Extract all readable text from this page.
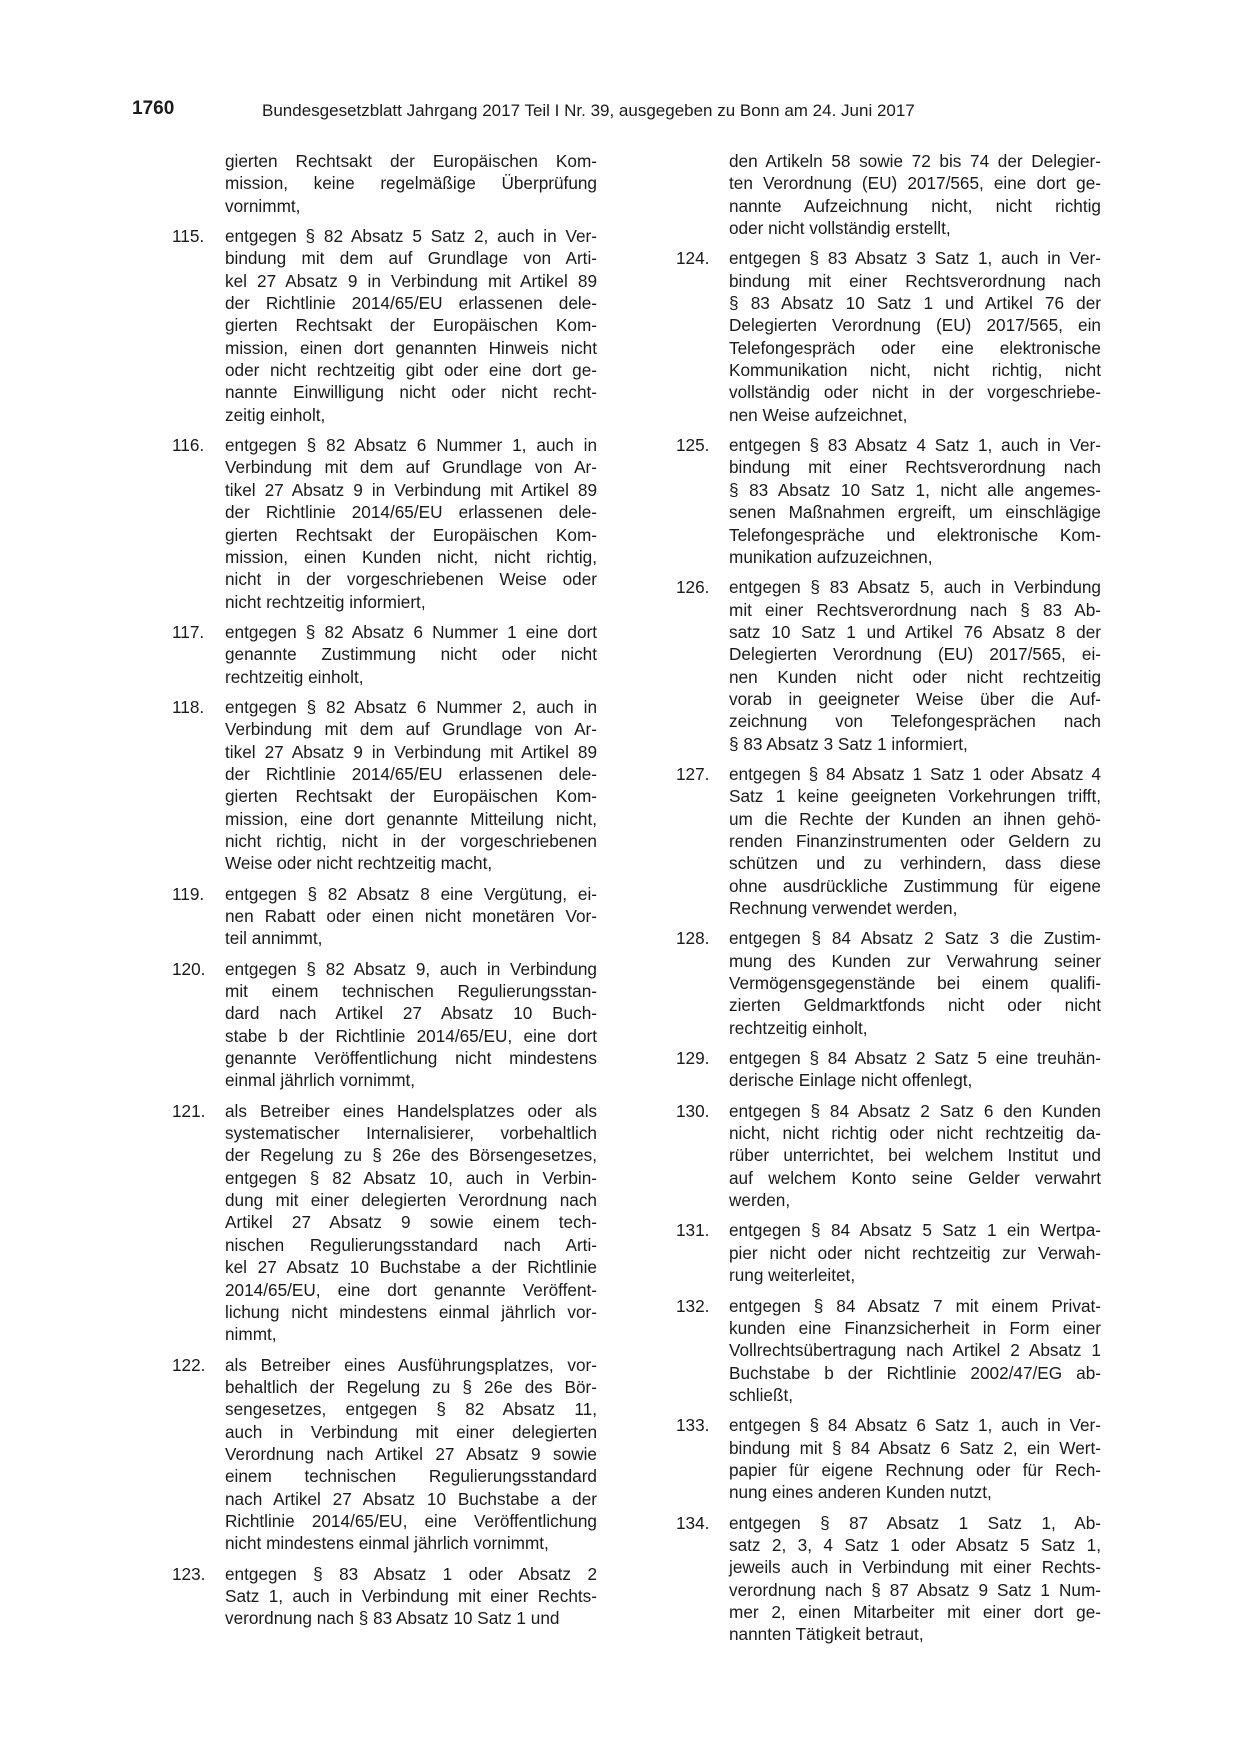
1760	Bundesgesetzblatt Jahrgang 2017 Teil I Nr. 39, ausgegeben zu Bonn am 24. Juni 2017
gierten Rechtsakt der Europäischen Kom-
mission, keine regelmäßige Überprüfung
vornimmt,
115.	entgegen § 82 Absatz 5 Satz 2, auch in Ver-
bindung mit dem auf Grundlage von Arti-
kel 27 Absatz 9 in Verbindung mit Artikel 89
der Richtlinie 2014/65/EU erlassenen dele-
gierten Rechtsakt der Europäischen Kom-
mission, einen dort genannten Hinweis nicht
oder nicht rechtzeitig gibt oder eine dort ge-
nannte Einwilligung nicht oder nicht recht-
zeitig einholt,
116.	entgegen § 82 Absatz 6 Nummer 1, auch in
Verbindung mit dem auf Grundlage von Ar-
tikel 27 Absatz 9 in Verbindung mit Artikel 89
der Richtlinie 2014/65/EU erlassenen dele-
gierten Rechtsakt der Europäischen Kom-
mission, einen Kunden nicht, nicht richtig,
nicht in der vorgeschriebenen Weise oder
nicht rechtzeitig informiert,
117.	entgegen § 82 Absatz 6 Nummer 1 eine dort
genannte Zustimmung nicht oder nicht
rechtzeitig einholt,
118.	entgegen § 82 Absatz 6 Nummer 2, auch in
Verbindung mit dem auf Grundlage von Ar-
tikel 27 Absatz 9 in Verbindung mit Artikel 89
der Richtlinie 2014/65/EU erlassenen dele-
gierten Rechtsakt der Europäischen Kom-
mission, eine dort genannte Mitteilung nicht,
nicht richtig, nicht in der vorgeschriebenen
Weise oder nicht rechtzeitig macht,
119.	entgegen § 82 Absatz 8 eine Vergütung, ei-
nen Rabatt oder einen nicht monetären Vor-
teil annimmt,
120.	entgegen § 82 Absatz 9, auch in Verbindung
mit einem technischen Regulierungsstan-
dard nach Artikel 27 Absatz 10 Buch-
stabe b der Richtlinie 2014/65/EU, eine dort
genannte Veröffentlichung nicht mindestens
einmal jährlich vornimmt,
121.	als Betreiber eines Handelsplatzes oder als
systematischer Internalisierer, vorbehaltlich
der Regelung zu § 26e des Börsengesetzes,
entgegen § 82 Absatz 10, auch in Verbin-
dung mit einer delegierten Verordnung nach
Artikel 27 Absatz 9 sowie einem tech-
nischen Regulierungsstandard nach Arti-
kel 27 Absatz 10 Buchstabe a der Richtlinie
2014/65/EU, eine dort genannte Veröffent-
lichung nicht mindestens einmal jährlich vor-
nimmt,
122.	als Betreiber eines Ausführungsplatzes, vor-
behaltlich der Regelung zu § 26e des Bör-
sengesetzes, entgegen § 82 Absatz 11,
auch in Verbindung mit einer delegierten
Verordnung nach Artikel 27 Absatz 9 sowie
einem technischen Regulierungsstandard
nach Artikel 27 Absatz 10 Buchstabe a der
Richtlinie 2014/65/EU, eine Veröffentlichung
nicht mindestens einmal jährlich vornimmt,
123.	entgegen § 83 Absatz 1 oder Absatz 2
Satz 1, auch in Verbindung mit einer Rechts-
verordnung nach § 83 Absatz 10 Satz 1 und
den Artikeln 58 sowie 72 bis 74 der Delegier-
ten Verordnung (EU) 2017/565, eine dort ge-
nannte Aufzeichnung nicht, nicht richtig
oder nicht vollständig erstellt,
124.	entgegen § 83 Absatz 3 Satz 1, auch in Ver-
bindung mit einer Rechtsverordnung nach
§ 83 Absatz 10 Satz 1 und Artikel 76 der
Delegierten Verordnung (EU) 2017/565, ein
Telefongespräch oder eine elektronische
Kommunikation nicht, nicht richtig, nicht
vollständig oder nicht in der vorgeschriebe-
nen Weise aufzeichnet,
125.	entgegen § 83 Absatz 4 Satz 1, auch in Ver-
bindung mit einer Rechtsverordnung nach
§ 83 Absatz 10 Satz 1, nicht alle angemes-
senen Maßnahmen ergreift, um einschlägige
Telefongespräche und elektronische Kom-
munikation aufzuzeichnen,
126.	entgegen § 83 Absatz 5, auch in Verbindung
mit einer Rechtsverordnung nach § 83 Ab-
satz 10 Satz 1 und Artikel 76 Absatz 8 der
Delegierten Verordnung (EU) 2017/565, ei-
nen Kunden nicht oder nicht rechtzeitig
vorab in geeigneter Weise über die Auf-
zeichnung von Telefongesprächen nach
§ 83 Absatz 3 Satz 1 informiert,
127.	entgegen § 84 Absatz 1 Satz 1 oder Absatz 4
Satz 1 keine geeigneten Vorkehrungen trifft,
um die Rechte der Kunden an ihnen gehö-
renden Finanzinstrumenten oder Geldern zu
schützen und zu verhindern, dass diese
ohne ausdrückliche Zustimmung für eigene
Rechnung verwendet werden,
128.	entgegen § 84 Absatz 2 Satz 3 die Zustim-
mung des Kunden zur Verwahrung seiner
Vermögensgegenstände bei einem qualifi-
zierten Geldmarktfonds nicht oder nicht
rechtzeitig einholt,
129.	entgegen § 84 Absatz 2 Satz 5 eine treuhän-
derische Einlage nicht offenlegt,
130.	entgegen § 84 Absatz 2 Satz 6 den Kunden
nicht, nicht richtig oder nicht rechtzeitig da-
rüber unterrichtet, bei welchem Institut und
auf welchem Konto seine Gelder verwahrt
werden,
131.	entgegen § 84 Absatz 5 Satz 1 ein Wertpa-
pier nicht oder nicht rechtzeitig zur Verwah-
rung weiterleitet,
132.	entgegen § 84 Absatz 7 mit einem Privat-
kunden eine Finanzsicherheit in Form einer
Vollrechtsübertragung nach Artikel 2 Absatz 1
Buchstabe b der Richtlinie 2002/47/EG ab-
schließt,
133.	entgegen § 84 Absatz 6 Satz 1, auch in Ver-
bindung mit § 84 Absatz 6 Satz 2, ein Wert-
papier für eigene Rechnung oder für Rech-
nung eines anderen Kunden nutzt,
134.	entgegen § 87 Absatz 1 Satz 1, Ab-
satz 2, 3, 4 Satz 1 oder Absatz 5 Satz 1,
jeweils auch in Verbindung mit einer Rechts-
verordnung nach § 87 Absatz 9 Satz 1 Num-
mer 2, einen Mitarbeiter mit einer dort ge-
nannten Tätigkeit betraut,
